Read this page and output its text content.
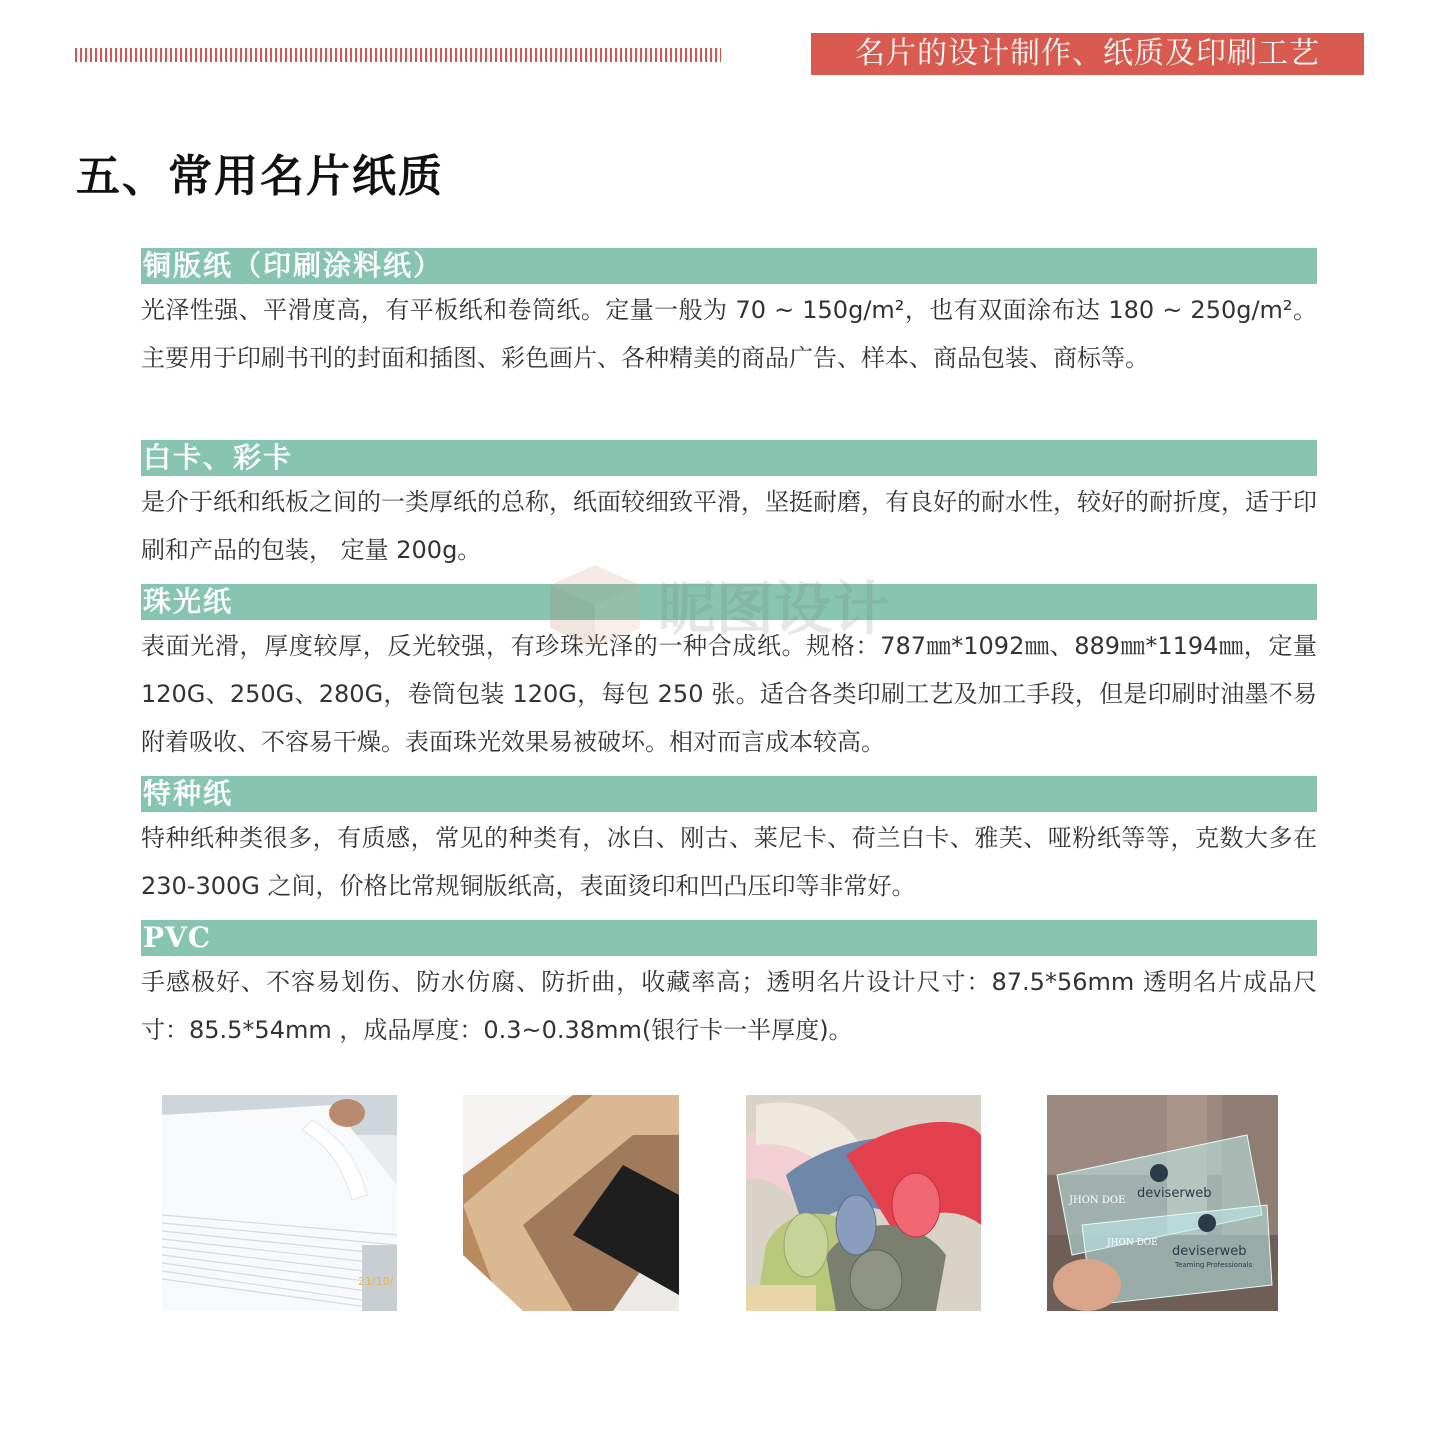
名片的设计制作、纸质及印刷工艺
五、常用名片纸质
铜版纸（印刷涂料纸）

光泽性强、平滑度高，有平板纸和卷筒纸。定量一般为 70 ~ 150g/m²，也有双面涂布达 180 ~ 250g/m²。主要用于印刷书刊的封面和插图、彩色画片、各种精美的商品广告、样本、商品包装、商标等。

白卡、彩卡

是介于纸和纸板之间的一类厚纸的总称，纸面较细致平滑，坚挺耐磨，有良好的耐水性，较好的耐折度，适于印刷和产品的包装， 定量 200g。

珠光纸

表面光滑，厚度较厚，反光较强，有珍珠光泽的一种合成纸。规格：787㎜*1092㎜、889㎜*1194㎜，定量 120G、250G、280G，卷筒包装 120G，每包 250 张。适合各类印刷工艺及加工手段，但是印刷时油墨不易附着吸收、不容易干燥。表面珠光效果易被破坏。相对而言成本较高。

特种纸

特种纸种类很多，有质感，常见的种类有，冰白、刚古、莱尼卡、荷兰白卡、雅芙、哑粉纸等等，克数大多在 230-300G 之间，价格比常规铜版纸高，表面烫印和凹凸压印等非常好。

PVC

手感极好、不容易划伤、防水仿腐、防折曲，收藏率高；透明名片设计尺寸：87.5*56mm 透明名片成品尺寸：85.5*54mm ，成品厚度：0.3~0.38mm(银行卡一半厚度)。

21/10/
JHON DOE
JHON DOE
deviserweb
deviserweb
Teaming Professionals
